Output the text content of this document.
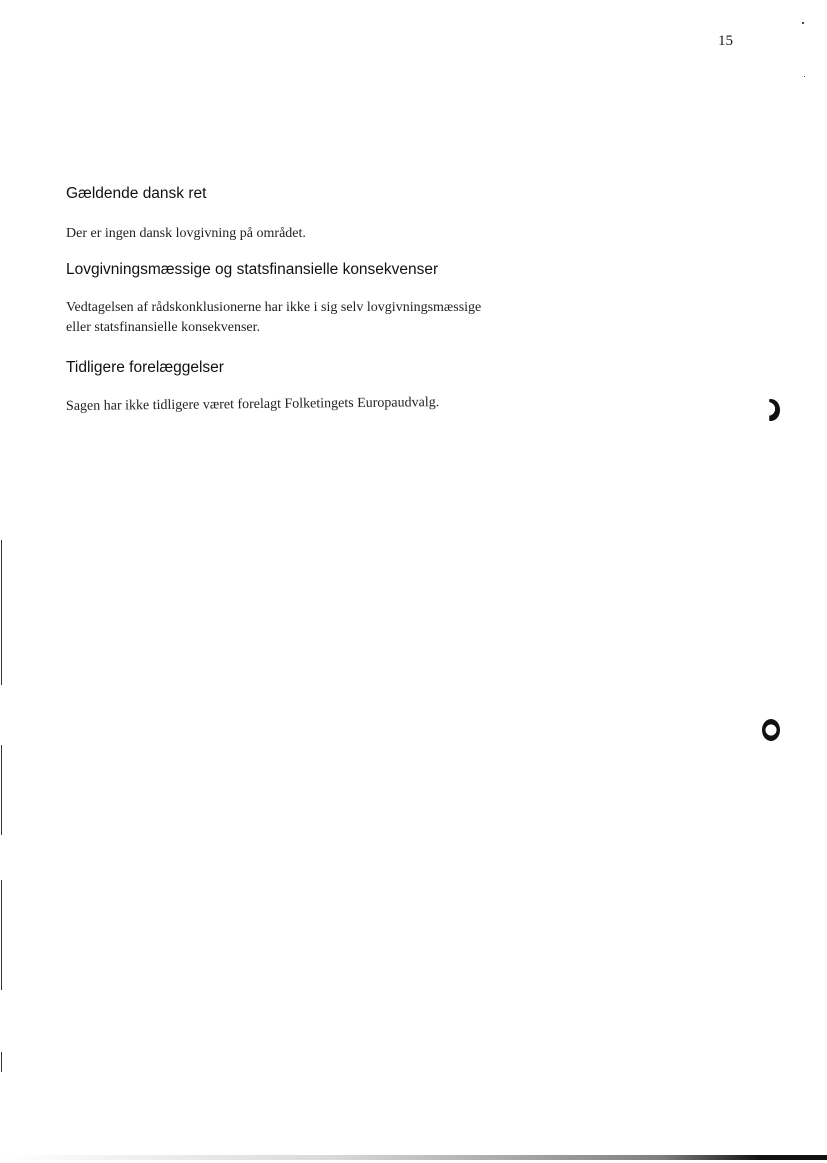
15
Gældende dansk ret
Der er ingen dansk lovgivning på området.
Lovgivningsmæssige og statsfinansielle konsekvenser
Vedtagelsen af rådskonklusionerne har ikke i sig selv lovgivningsmæssige
eller statsfinansielle konsekvenser.
Tidligere forelæggelser
Sagen har ikke tidligere været forelagt Folketingets Europaudvalg.
